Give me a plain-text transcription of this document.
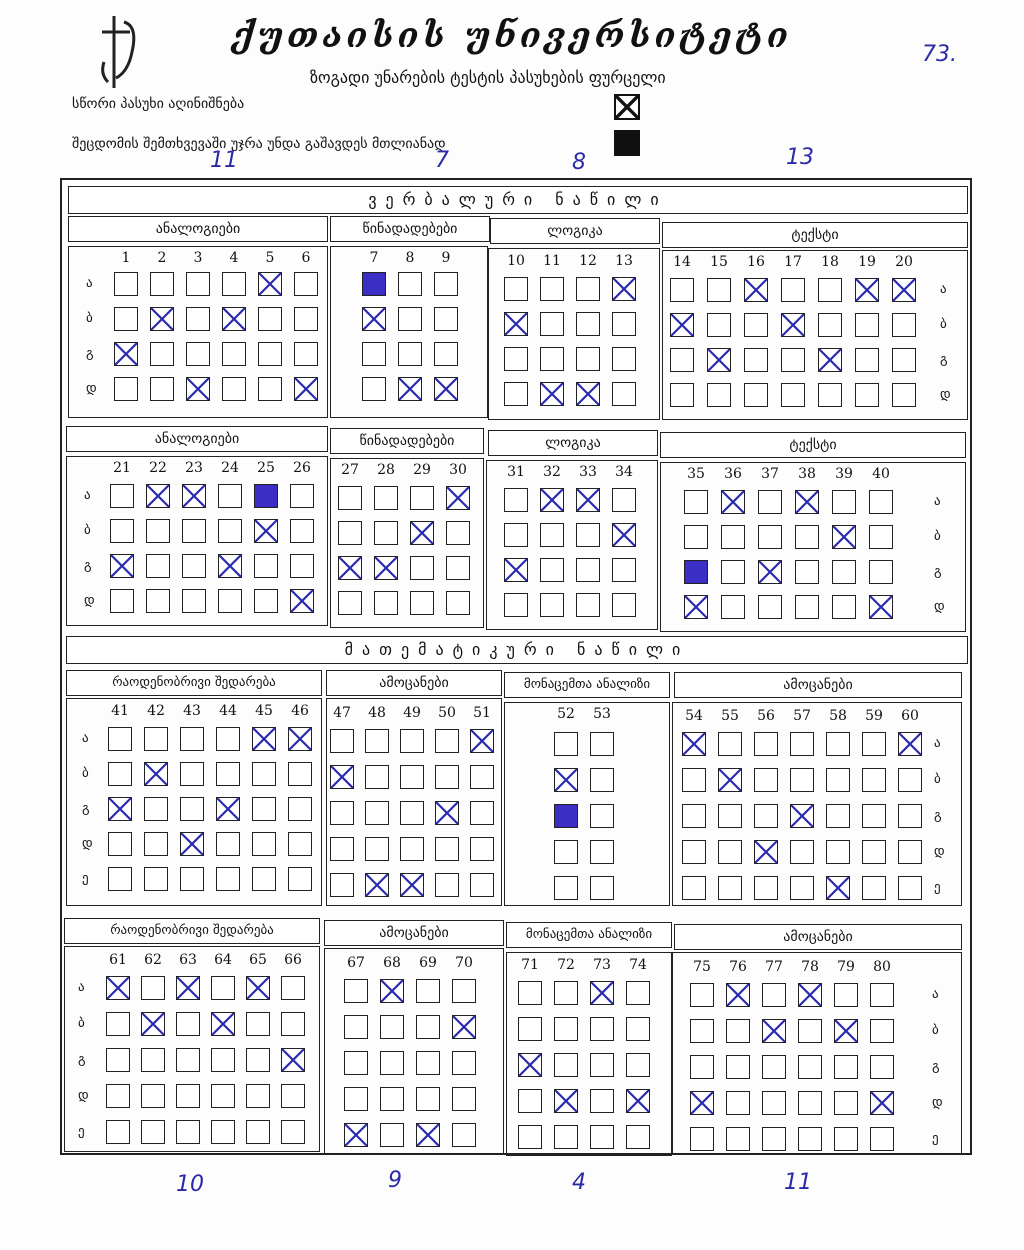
ქუთაისის უნივერსიტეტი
ზოგადი უნარების ტესტის პასუხების ფურცელი
სწორი პასუხი აღინიშნება
შეცდომის შემთხვევაში უჯრა უნდა გაშავდეს მთლიანად
73.
11	7	8	13
10	9	4	11
ვერბალური ნაწილი
მათემატიკური ნაწილი
ანალოგიები
1	2	3	4	5	6
ა
ბ
გ
დ
წინადადებები
7	8	9
ლოგიკა
10	11	12	13
ტექსტი
14	15	16	17	18	19	20
ა
ბ
გ
დ
ანალოგიები
21	22	23	24	25	26
ა
ბ
გ
დ
წინადადებები
27	28	29	30
ლოგიკა
31	32	33	34
ტექსტი
35	36	37	38	39	40
ა
ბ
გ
დ
რაოდენობრივი შედარება
41	42	43	44	45	46
ა
ბ
გ
დ
ე
ამოცანები
47	48	49	50	51
მონაცემთა ანალიზი
52	53
ამოცანები
54	55	56	57	58	59	60
ა
ბ
გ
დ
ე
რაოდენობრივი შედარება
61	62	63	64	65	66
ა
ბ
გ
დ
ე
ამოცანები
67	68	69	70
მონაცემთა ანალიზი
71	72	73	74
ამოცანები
75	76	77	78	79	80
ა
ბ
გ
დ
ე
